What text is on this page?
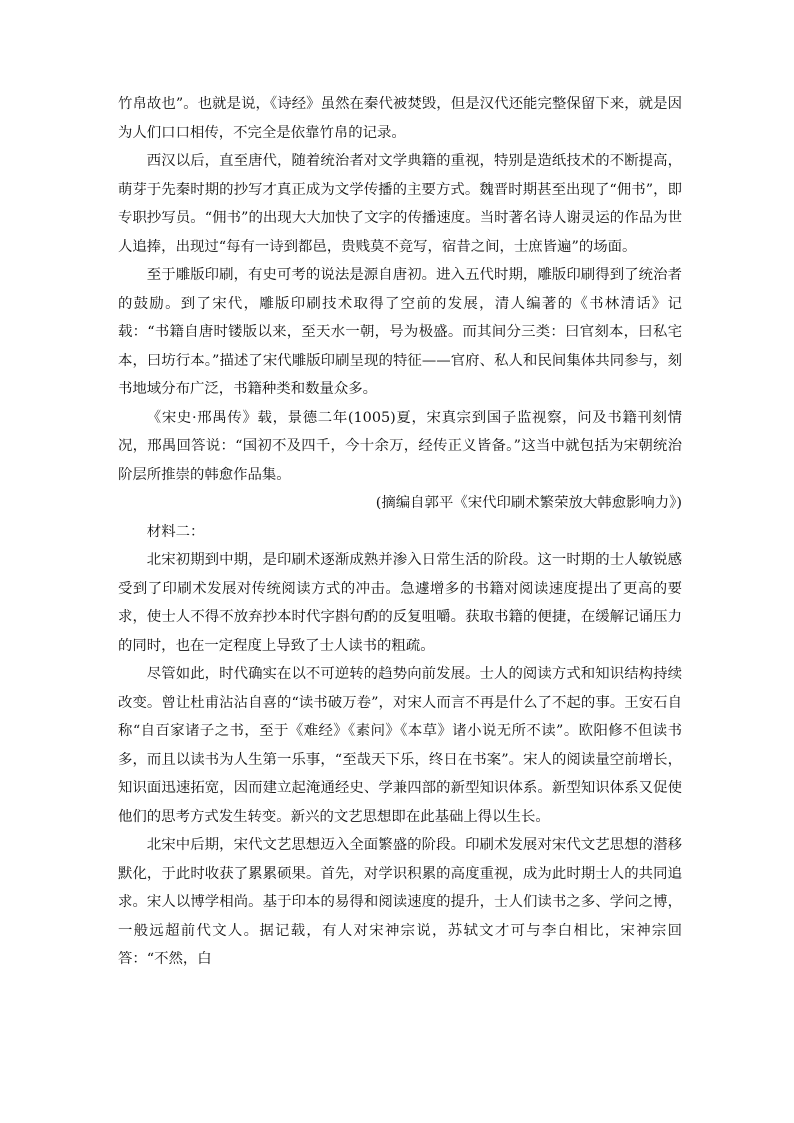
竹帛故也”。也就是说，《诗经》虽然在秦代被焚毁，但是汉代还能完整保留下来，就是因为人们口口相传，不完全是依靠竹帛的记录。

西汉以后，直至唐代，随着统治者对文学典籍的重视，特别是造纸技术的不断提高，萌芽于先秦时期的抄写才真正成为文学传播的主要方式。魏晋时期甚至出现了“佣书”，即专职抄写员。“佣书”的出现大大加快了文字的传播速度。当时著名诗人谢灵运的作品为世人追捧，出现过“每有一诗到都邑，贵贱莫不竞写，宿昔之间，士庶皆遍”的场面。

至于雕版印刷，有史可考的说法是源自唐初。进入五代时期，雕版印刷得到了统治者的鼓励。到了宋代，雕版印刷技术取得了空前的发展，清人编著的《书林清话》记载：“书籍自唐时镂版以来，至天水一朝，号为极盛。而其间分三类：曰官刻本，曰私宅本，曰坊行本。”描述了宋代雕版印刷呈现的特征——官府、私人和民间集体共同参与，刻书地域分布广泛，书籍种类和数量众多。

《宋史·邢禺传》载，景德二年(1005)夏，宋真宗到国子监视察，问及书籍刊刻情况，邢禺回答说：“国初不及四千，今十余万，经传正义皆备。”这当中就包括为宋朝统治阶层所推崇的韩愈作品集。

(摘编自郭平《宋代印刷术繁荣放大韩愈影响力》)

材料二：

北宋初期到中期，是印刷术逐渐成熟并渗入日常生活的阶段。这一时期的士人敏锐感受到了印刷术发展对传统阅读方式的冲击。急遽增多的书籍对阅读速度提出了更高的要求，使士人不得不放弃抄本时代字斟句酌的反复咀嚼。获取书籍的便捷，在缓解记诵压力的同时，也在一定程度上导致了士人读书的粗疏。

尽管如此，时代确实在以不可逆转的趋势向前发展。士人的阅读方式和知识结构持续改变。曾让杜甫沾沾自喜的“读书破万卷”，对宋人而言不再是什么了不起的事。王安石自称“自百家诸子之书，至于《难经》《素问》《本草》诸小说无所不读”。欧阳修不但读书多，而且以读书为人生第一乐事，“至哉天下乐，终日在书案”。宋人的阅读量空前增长，知识面迅速拓宽，因而建立起淹通经史、学兼四部的新型知识体系。新型知识体系又促使他们的思考方式发生转变。新兴的文艺思想即在此基础上得以生长。

北宋中后期，宋代文艺思想迈入全面繁盛的阶段。印刷术发展对宋代文艺思想的潜移默化，于此时收获了累累硕果。首先，对学识积累的高度重视，成为此时期士人的共同追求。宋人以博学相尚。基于印本的易得和阅读速度的提升，士人们读书之多、学问之博，一般远超前代文人。据记载，有人对宋神宗说，苏轼文才可与李白相比，宋神宗回答：“不然，白
